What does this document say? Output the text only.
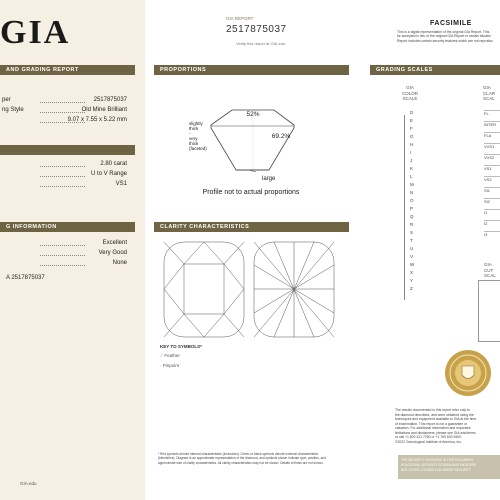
GIA
AND GRADING REPORT
per	2517875037
ng Style	Old Mine Brilliant
9.07 x 7.55 x 5.22 mm
2.80 carat
U to V Range
VS1
Excellent
Very Good
None
G INFORMATION
A 2517875037
GIA.edu
GIA REPORT
2517875037
Verify this report at GIA.edu
PROPORTIONS
52%
69.2%
large
slightly
thick
-
very
thick
(faceted)
Profile not to actual proportions
CLARITY CHARACTERISTICS
KEY TO SYMBOLS*
⟋ Feather
· Pinpoint
* Red symbols denote internal characteristics (inclusions). Green or black symbols denote external characteristics
(blemishes). Diagram is an approximate representation of the diamond, and symbols shown indicate type, position, and
approximate size of clarity characteristics. All clarity characteristics may not be shown. Details of finish are not shown.
FACSIMILE
This is a digital representation of the original GIA Report. This
be accepted in lieu of the original GIA Report in certain situatio
Report includes certain security features which are not reproduc
GRADING SCALES
GIA
COLOR
SCALE
GIA
CLAR
SCAL
D
E
F
G
H
I
J
K
L
M
N
O
P
Q
R
S
T
U
V
W
X
Y
Z
FL
INTER
FLA
VVS1
VVS2
VS1
VS2
SI1
SI2
I1
I2
I3
GIA
CUT
SCAL
The results documented in this report refer only to
the diamond described, and were obtained using the
techniques and equipment available to GIA at the time
of examination. This report is not a guarantee or
valuation. For additional information and important
limitations and disclaimers, please see GIA.edu/terms
or call +1 800 421 7250 or +1 760 603 4500.
©2022 Gemological Institute of America, Inc.
THE SECURITY FEATURES IN THIS DOCUMENT
HOLOGRAM, SECURITY SCREEN AND MICROPRI
NOT LISTED, EXCEED DOCUMENT SECURITY
